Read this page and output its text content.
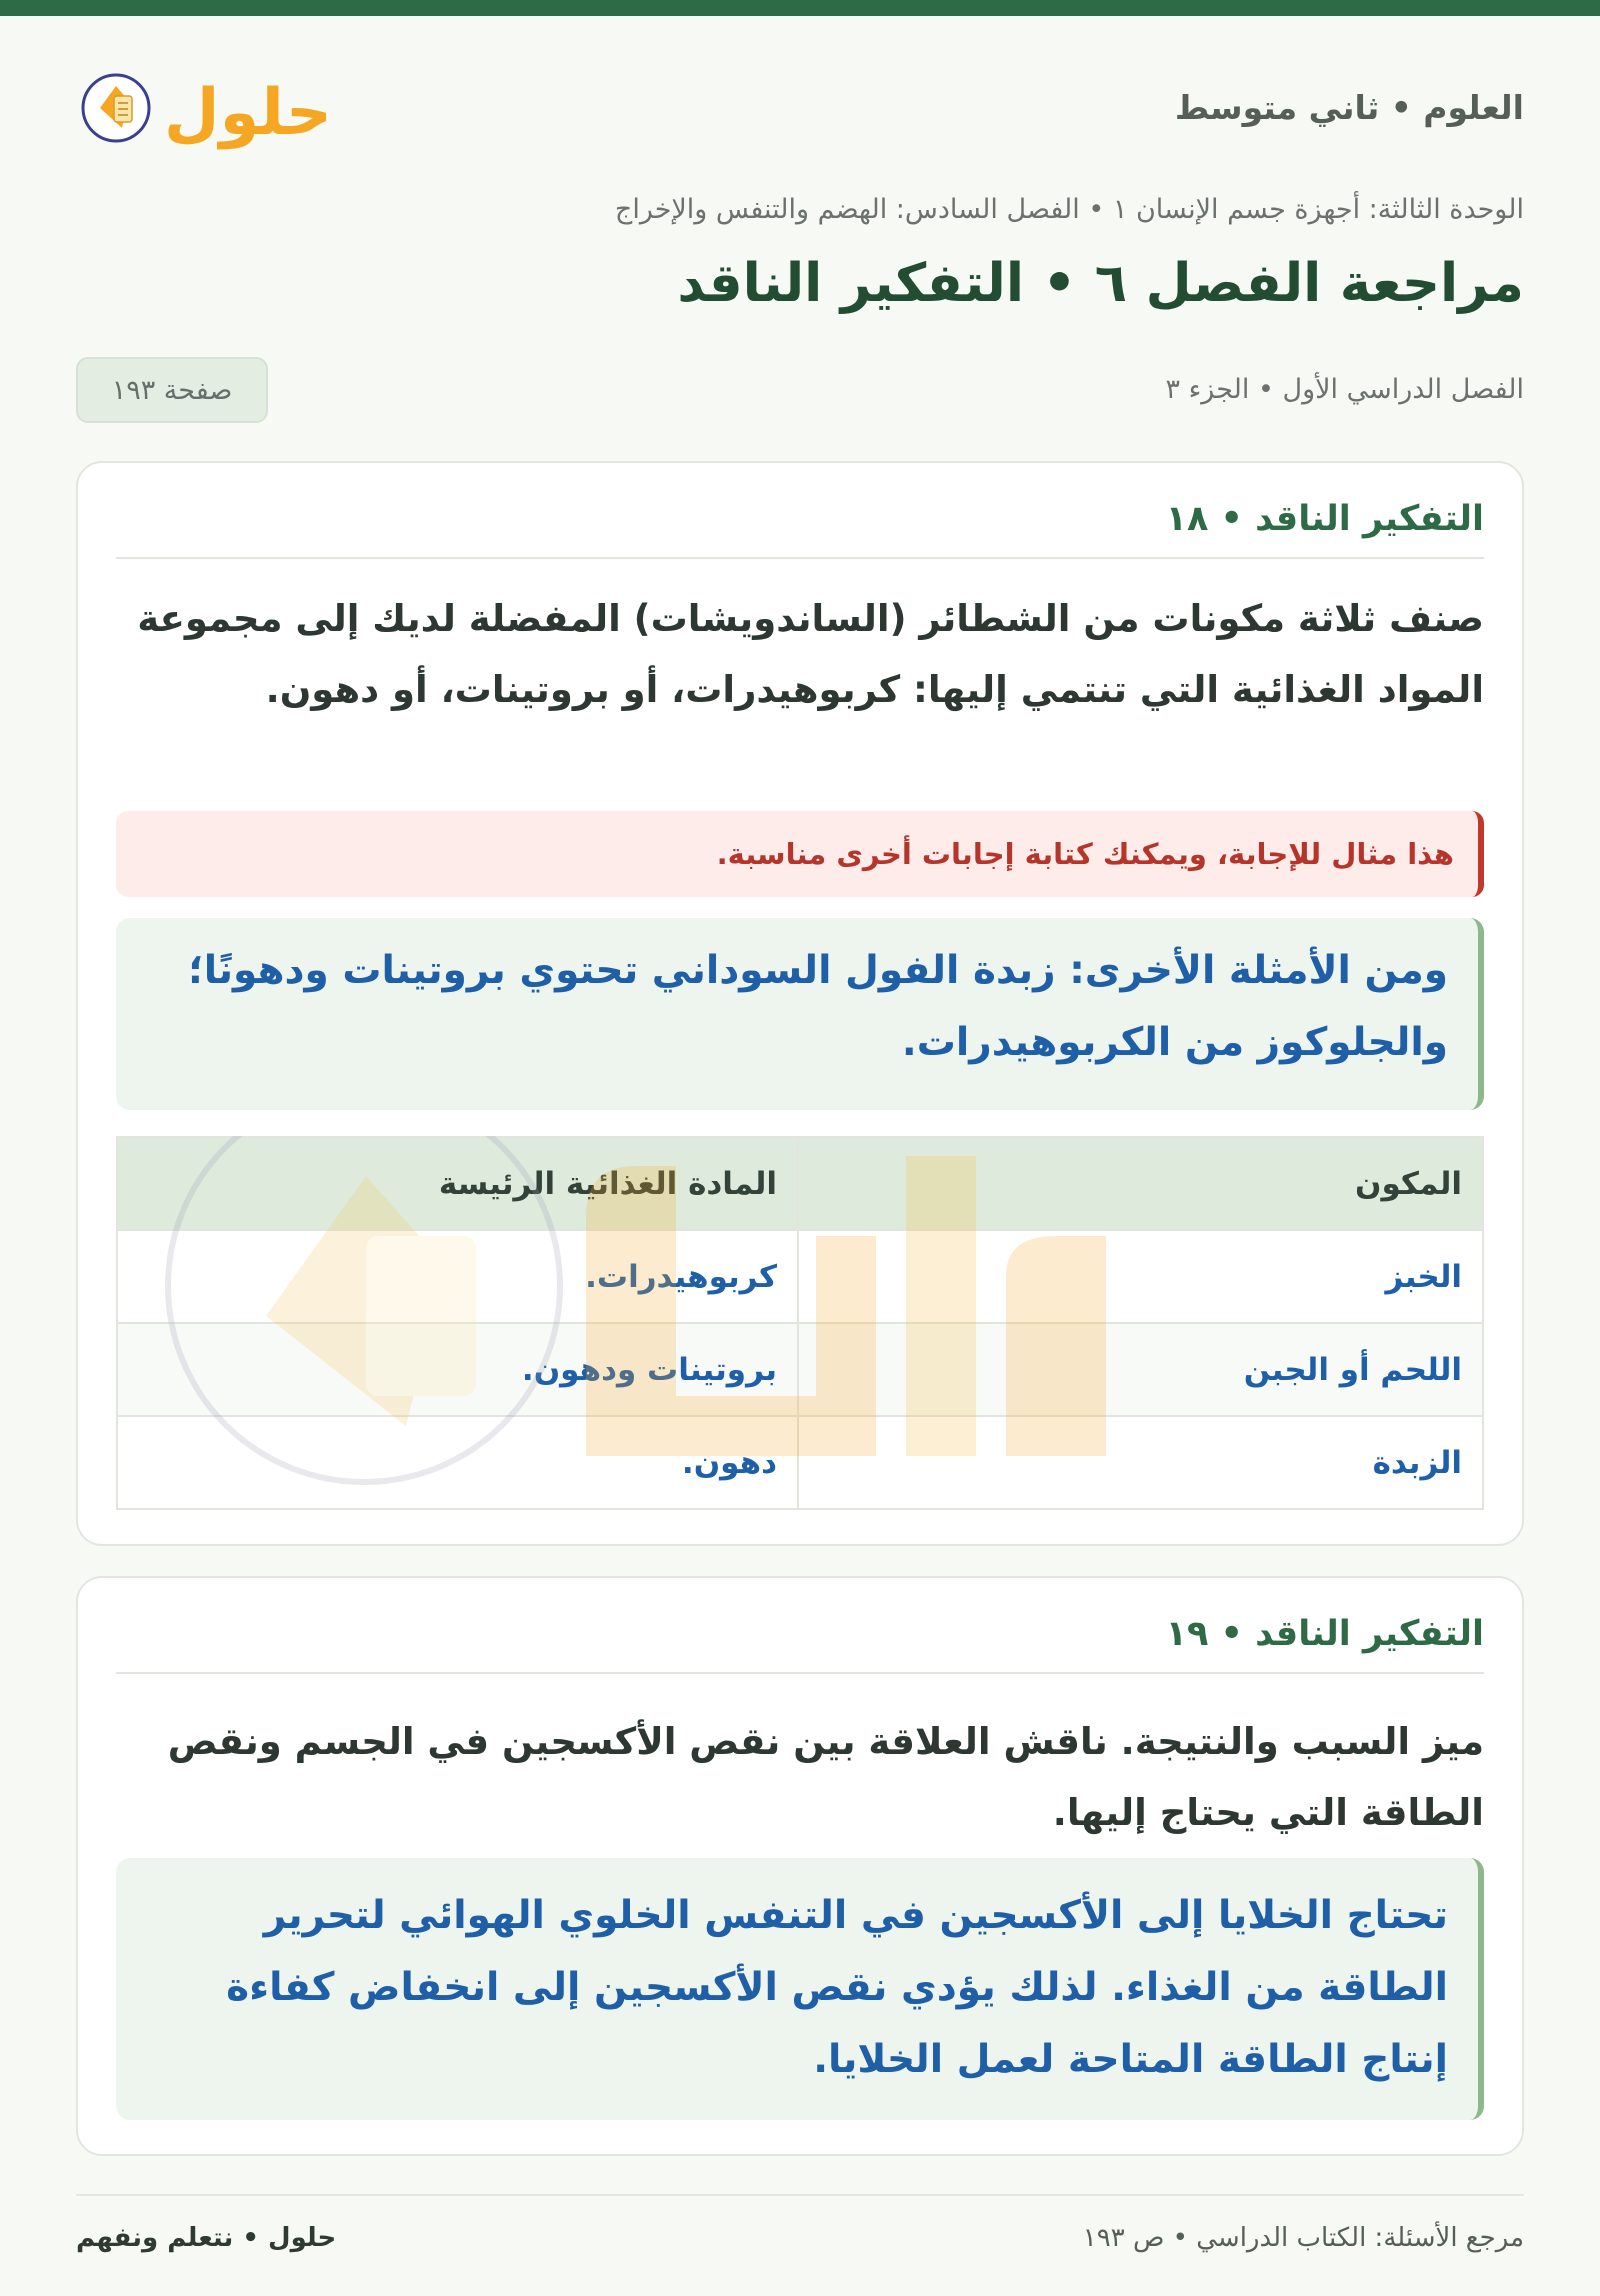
العلوم • ثاني متوسط
حلول
الوحدة الثالثة: أجهزة جسم الإنسان ١ • الفصل السادس: الهضم والتنفس والإخراج
مراجعة الفصل ٦ • التفكير الناقد
الفصل الدراسي الأول • الجزء ٣
صفحة ١٩٣
التفكير الناقد • ١٨
صنف ثلاثة مكونات من الشطائر (الساندويشات) المفضلة لديك إلى مجموعة المواد الغذائية التي تنتمي إليها: كربوهيدرات، أو بروتينات، أو دهون.
هذا مثال للإجابة، ويمكنك كتابة إجابات أخرى مناسبة.
ومن الأمثلة الأخرى: زبدة الفول السوداني تحتوي بروتينات ودهونًا؛ والجلوكوز من الكربوهيدرات.
المكون	المادة الغذائية الرئيسة
الخبز	كربوهيدرات.
اللحم أو الجبن	بروتينات ودهون.
الزبدة	دهون.
التفكير الناقد • ١٩
ميز السبب والنتيجة. ناقش العلاقة بين نقص الأكسجين في الجسم ونقص الطاقة التي يحتاج إليها.
تحتاج الخلايا إلى الأكسجين في التنفس الخلوي الهوائي لتحرير الطاقة من الغذاء. لذلك يؤدي نقص الأكسجين إلى انخفاض كفاءة إنتاج الطاقة المتاحة لعمل الخلايا.
مرجع الأسئلة: الكتاب الدراسي • ص ١٩٣
حلول • نتعلم ونفهم
